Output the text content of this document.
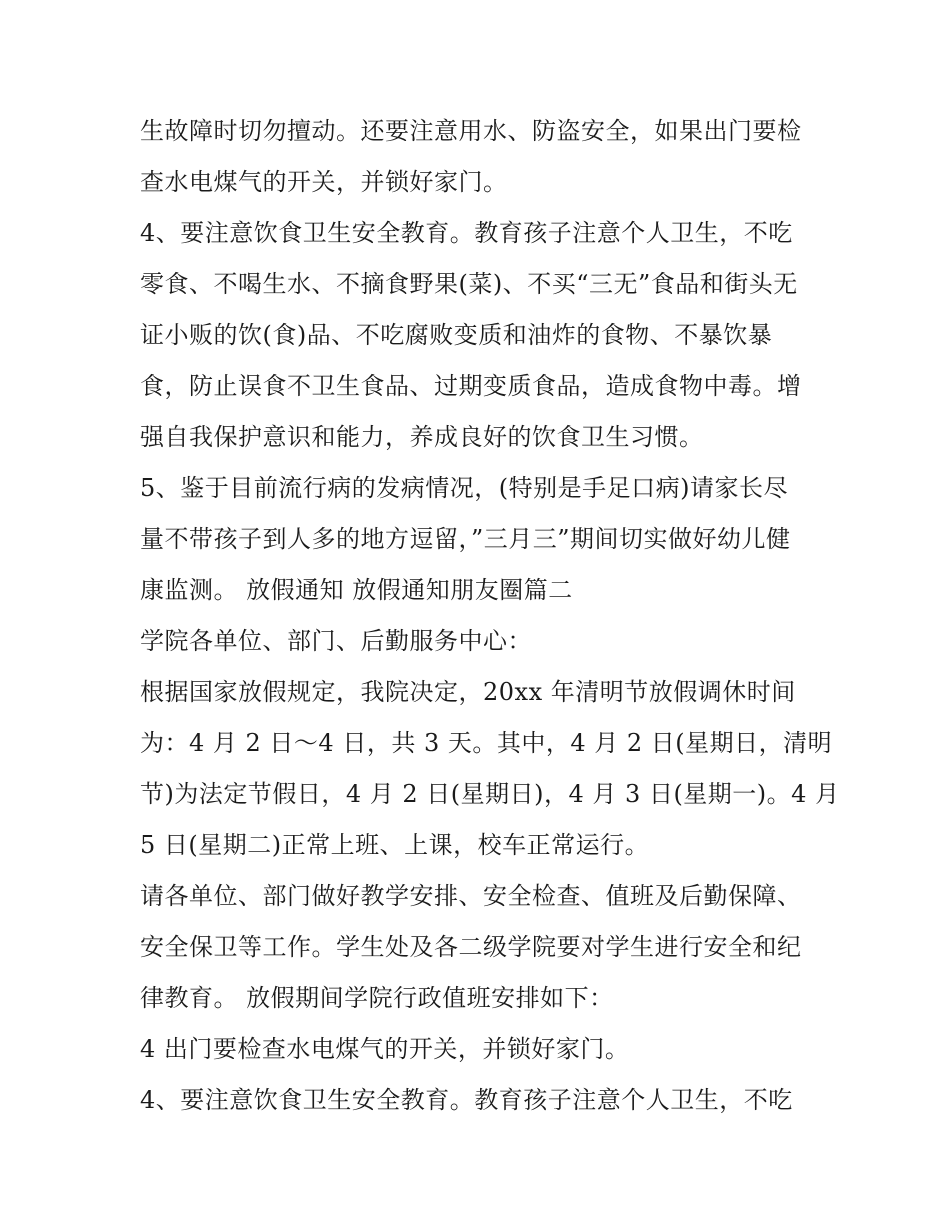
生故障时切勿擅动。还要注意用水、防盗安全，如果出门要检
查水电煤气的开关，并锁好家门。
4、要注意饮食卫生安全教育。教育孩子注意个人卫生，不吃
零食、不喝生水、不摘食野果(菜)、不买“三无”食品和街头无
证小贩的饮(食)品、不吃腐败变质和油炸的食物、不暴饮暴
食，防止误食不卫生食品、过期变质食品，造成食物中毒。增
强自我保护意识和能力，养成良好的饮食卫生习惯。
5、鉴于目前流行病的发病情况，(特别是手足口病)请家长尽
量不带孩子到人多的地方逗留，”三月三”期间切实做好幼儿健
康监测。 放假通知 放假通知朋友圈篇二
学院各单位、部门、后勤服务中心：
根据国家放假规定，我院决定，20xx 年清明节放假调休时间
为：4 月 2 日～4 日，共 3 天。其中，4 月 2 日(星期日，清明
节)为法定节假日，4 月 2 日(星期日)，4 月 3 日(星期一)。4 月
5 日(星期二)正常上班、上课，校车正常运行。
请各单位、部门做好教学安排、安全检查、值班及后勤保障、
安全保卫等工作。学生处及各二级学院要对学生进行安全和纪
律教育。 放假期间学院行政值班安排如下：
4 出门要检查水电煤气的开关，并锁好家门。
4、要注意饮食卫生安全教育。教育孩子注意个人卫生，不吃
